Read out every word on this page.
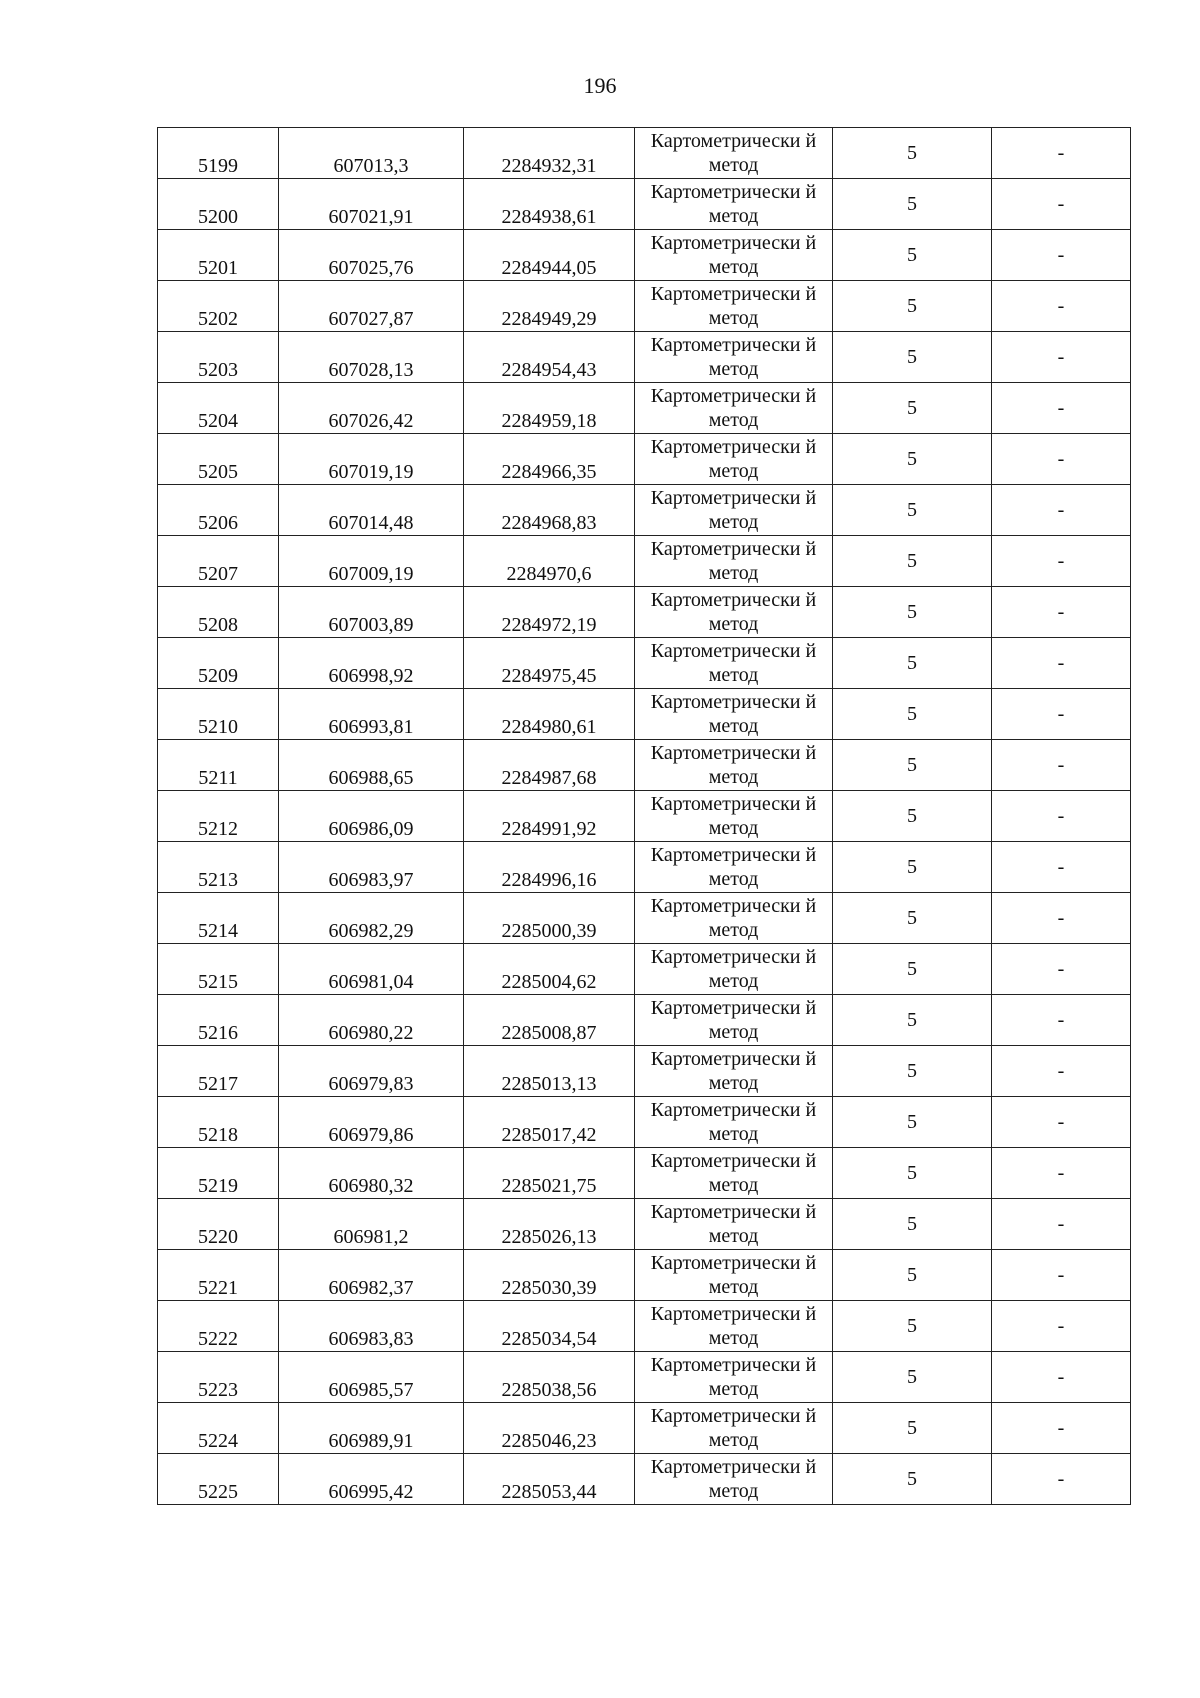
196
5199	607013,3	2284932,31	Картометрически й метод	5	-
5200	607021,91	2284938,61	Картометрически й метод	5	-
5201	607025,76	2284944,05	Картометрически й метод	5	-
5202	607027,87	2284949,29	Картометрически й метод	5	-
5203	607028,13	2284954,43	Картометрически й метод	5	-
5204	607026,42	2284959,18	Картометрически й метод	5	-
5205	607019,19	2284966,35	Картометрически й метод	5	-
5206	607014,48	2284968,83	Картометрически й метод	5	-
5207	607009,19	2284970,6	Картометрически й метод	5	-
5208	607003,89	2284972,19	Картометрически й метод	5	-
5209	606998,92	2284975,45	Картометрически й метод	5	-
5210	606993,81	2284980,61	Картометрически й метод	5	-
5211	606988,65	2284987,68	Картометрически й метод	5	-
5212	606986,09	2284991,92	Картометрически й метод	5	-
5213	606983,97	2284996,16	Картометрически й метод	5	-
5214	606982,29	2285000,39	Картометрически й метод	5	-
5215	606981,04	2285004,62	Картометрически й метод	5	-
5216	606980,22	2285008,87	Картометрически й метод	5	-
5217	606979,83	2285013,13	Картометрически й метод	5	-
5218	606979,86	2285017,42	Картометрически й метод	5	-
5219	606980,32	2285021,75	Картометрически й метод	5	-
5220	606981,2	2285026,13	Картометрически й метод	5	-
5221	606982,37	2285030,39	Картометрически й метод	5	-
5222	606983,83	2285034,54	Картометрически й метод	5	-
5223	606985,57	2285038,56	Картометрически й метод	5	-
5224	606989,91	2285046,23	Картометрически й метод	5	-
5225	606995,42	2285053,44	Картометрически й метод	5	-
